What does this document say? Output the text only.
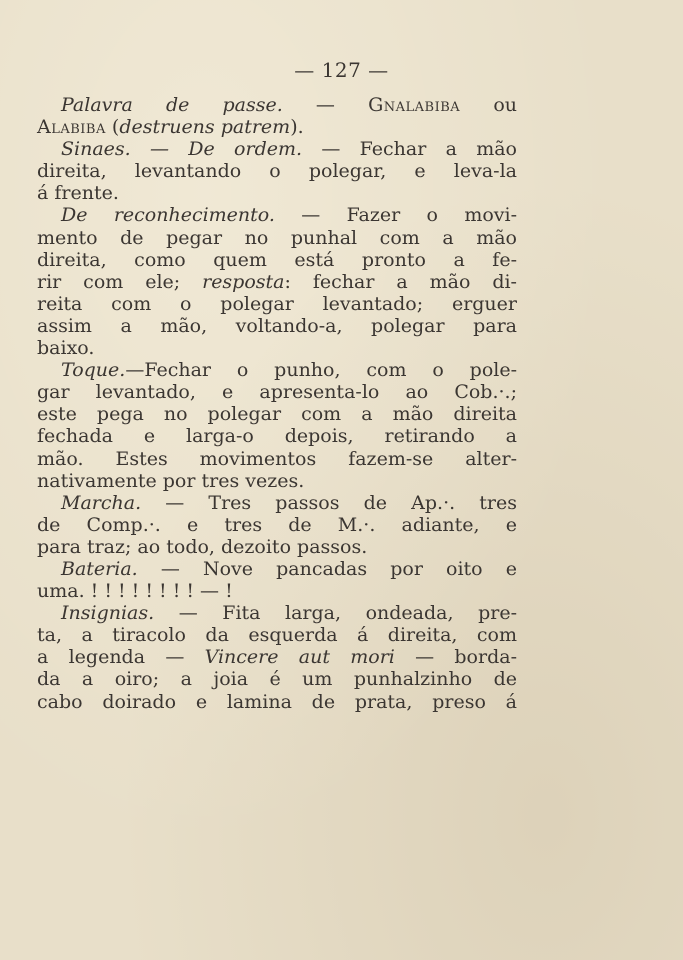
— 127 —
Palavra de passe. — Gnalabiba ou
Alabiba (destruens patrem).
Sinaes. — De ordem. — Fechar a mão
direita, levantando o polegar, e leva-la
á frente.
De reconhecimento. — Fazer o movi-
mento de pegar no punhal com a mão
direita, como quem está pronto a fe-
rir com ele; resposta: fechar a mão di-
reita com o polegar levantado; erguer
assim a mão, voltando-a, polegar para
baixo.
Toque.—Fechar o punho, com o pole-
gar levantado, e apresenta-lo ao Cob.·.;
este pega no polegar com a mão direita
fechada e larga-o depois, retirando a
mão. Estes movimentos fazem-se alter-
nativamente por tres vezes.
Marcha. — Tres passos de Ap.·. tres
de Comp.·. e tres de M.·. adiante, e
para traz; ao todo, dezoito passos.
Bateria. — Nove pancadas por oito e
uma. ! ! ! ! ! ! ! ! — !
Insignias. — Fita larga, ondeada, pre-
ta, a tiracolo da esquerda á direita, com
a legenda — Vincere aut mori — borda-
da a oiro; a joia é um punhalzinho de
cabo doirado e lamina de prata, preso á
